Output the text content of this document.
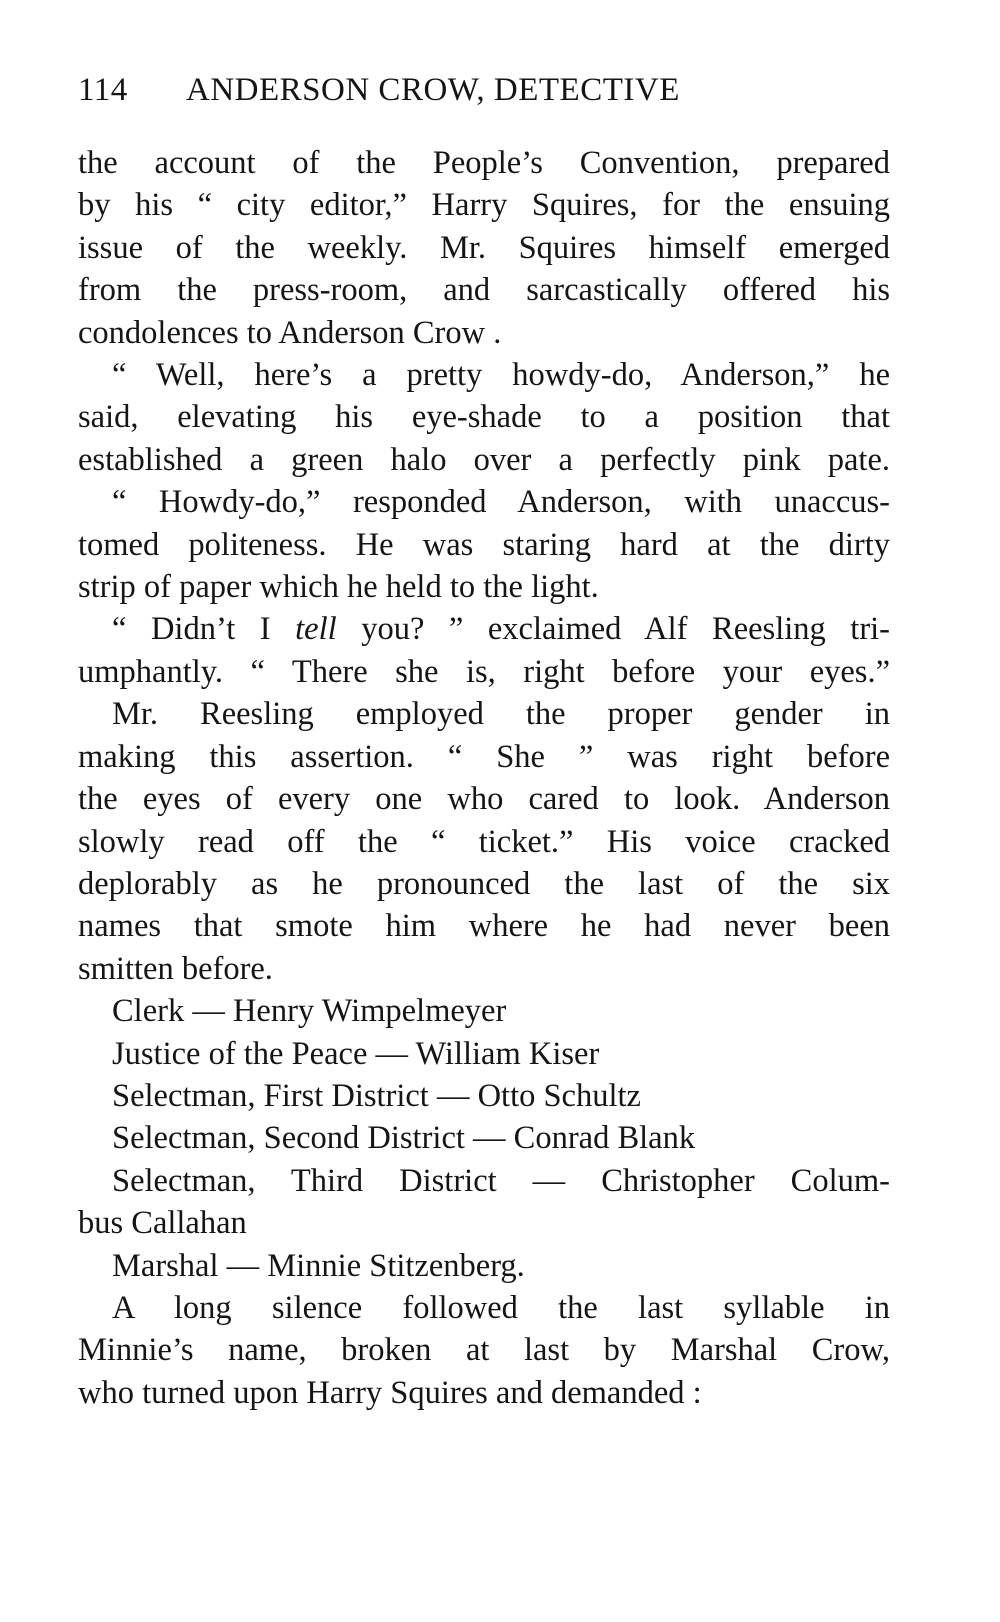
114 ANDERSON CROW, DETECTIVE
the account of the People’s Convention, prepared
by his “ city editor,” Harry Squires, for the ensuing
issue of the weekly. Mr. Squires himself emerged
from the press-room, and sarcastically offered his
condolences to Anderson Crow .
“ Well, here’s a pretty howdy-do, Anderson,” he
said, elevating his eye-shade to a position that
established a green halo over a perfectly pink pate.
“ Howdy-do,” responded Anderson, with unaccus-
tomed politeness. He was staring hard at the dirty
strip of paper which he held to the light.
“ Didn’t I tell you? ” exclaimed Alf Reesling tri-
umphantly. “ There she is, right before your eyes.”
Mr. Reesling employed the proper gender in
making this assertion. “ She ” was right before
the eyes of every one who cared to look. Anderson
slowly read off the “ ticket.” His voice cracked
deplorably as he pronounced the last of the six
names that smote him where he had never been
smitten before.
Clerk — Henry Wimpelmeyer
Justice of the Peace — William Kiser
Selectman, First District — Otto Schultz
Selectman, Second District — Conrad Blank
Selectman, Third District — Christopher Colum-
bus Callahan
Marshal — Minnie Stitzenberg.
A long silence followed the last syllable in
Minnie’s name, broken at last by Marshal Crow,
who turned upon Harry Squires and demanded :
